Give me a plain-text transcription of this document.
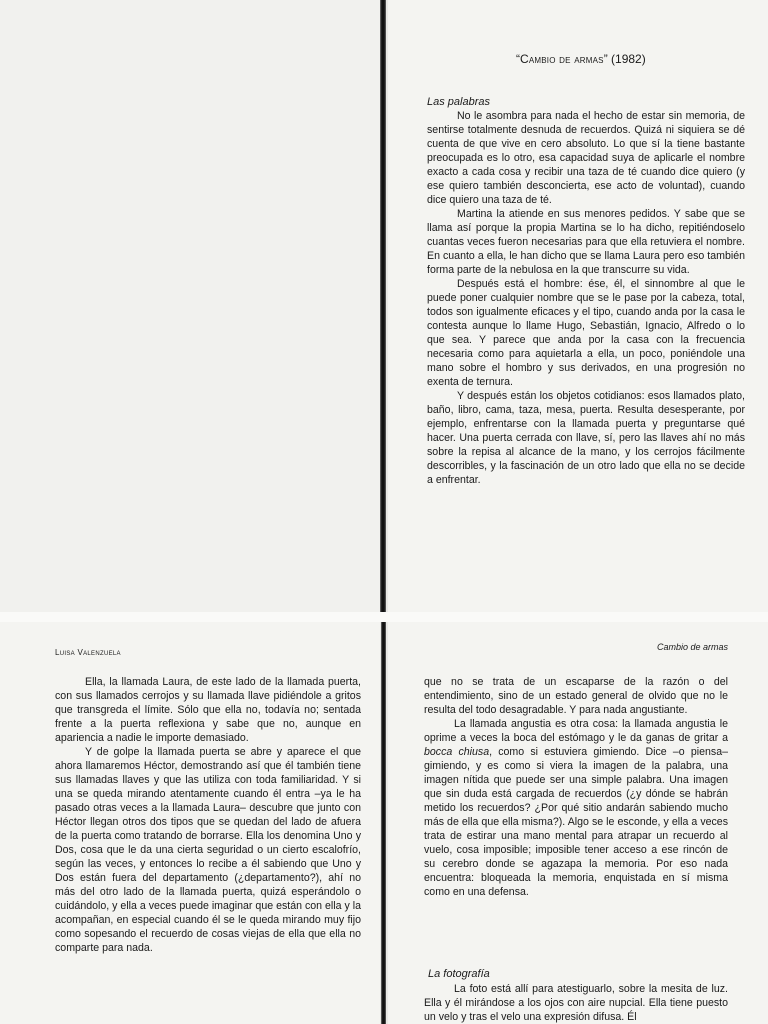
“Cambio de armas” (1982)
Las palabras

No le asombra para nada el hecho de estar sin memoria, de sentirse totalmente desnuda de recuerdos. Quizá ni siquiera se dé cuenta de que vive en cero absoluto. Lo que sí la tiene bastante preocupada es lo otro, esa capacidad suya de aplicarle el nombre exacto a cada cosa y recibir una taza de té cuando dice quiero (y ese quiero también desconcierta, ese acto de voluntad), cuando dice quiero una taza de té.

Martina la atiende en sus menores pedidos. Y sabe que se llama así porque la propia Martina se lo ha dicho, repitiéndoselo cuantas veces fueron necesarias para que ella retuviera el nombre. En cuanto a ella, le han dicho que se llama Laura pero eso también forma parte de la nebulosa en la que transcurre su vida.

Después está el hombre: ése, él, el sinnombre al que le puede poner cualquier nombre que se le pase por la cabeza, total, todos son igualmente eficaces y el tipo, cuando anda por la casa le contesta aunque lo llame Hugo, Sebastián, Ignacio, Alfredo o lo que sea. Y parece que anda por la casa con la frecuencia necesaria como para aquietarla a ella, un poco, poniéndole una mano sobre el hombro y sus derivados, en una progresión no exenta de ternura.

Y después están los objetos cotidianos: esos llamados plato, baño, libro, cama, taza, mesa, puerta. Resulta desesperante, por ejemplo, enfrentarse con la llamada puerta y preguntarse qué hacer. Una puerta cerrada con llave, sí, pero las llaves ahí no más sobre la repisa al alcance de la mano, y los cerrojos fácilmente descorribles, y la fascinación de un otro lado que ella no se decide a enfrentar.

Luisa Valenzuela

Ella, la llamada Laura, de este lado de la llamada puerta, con sus llamados cerrojos y su llamada llave pidiéndole a gritos que transgreda el límite. Sólo que ella no, todavía no; sentada frente a la puerta reflexiona y sabe que no, aunque en apariencia a nadie le importe demasiado.

Y de golpe la llamada puerta se abre y aparece el que ahora llamaremos Héctor, demostrando así que él también tiene sus llamadas llaves y que las utiliza con toda familiaridad. Y si una se queda mirando atentamente cuando él entra –ya le ha pasado otras veces a la llamada Laura– descubre que junto con Héctor llegan otros dos tipos que se quedan del lado de afuera de la puerta como tratando de borrarse. Ella los denomina Uno y Dos, cosa que le da una cierta seguridad o un cierto escalofrío, según las veces, y entonces lo recibe a él sabiendo que Uno y Dos están fuera del departamento (¿departamento?), ahí no más del otro lado de la llamada puerta, quizá esperándolo o cuidándolo, y ella a veces puede imaginar que están con ella y la acompañan, en especial cuando él se le queda mirando muy fijo como sopesando el recuerdo de cosas viejas de ella que ella no comparte para nada.

Cambio de armas

que no se trata de un escaparse de la razón o del entendimiento, sino de un estado general de olvido que no le resulta del todo desagradable. Y para nada angustiante.

La llamada angustia es otra cosa: la llamada angustia le oprime a veces la boca del estómago y le da ganas de gritar a bocca chiusa, como si estuviera gimiendo. Dice –o piensa– gimiendo, y es como si viera la imagen de la palabra, una imagen nítida que puede ser una simple palabra. Una imagen que sin duda está cargada de recuerdos (¿y dónde se habrán metido los recuerdos? ¿Por qué sitio andarán sabiendo mucho más de ella que ella misma?). Algo se le esconde, y ella a veces trata de estirar una mano mental para atrapar un recuerdo al vuelo, cosa imposible; imposible tener acceso a ese rincón de su cerebro donde se agazapa la memoria. Por eso nada encuentra: bloqueada la memoria, enquistada en sí misma como en una defensa.

La fotografía

La foto está allí para atestiguarlo, sobre la mesita de luz. Ella y él mirándose a los ojos con aire nupcial. Ella tiene puesto un velo y tras el velo una expresión difusa. Él
